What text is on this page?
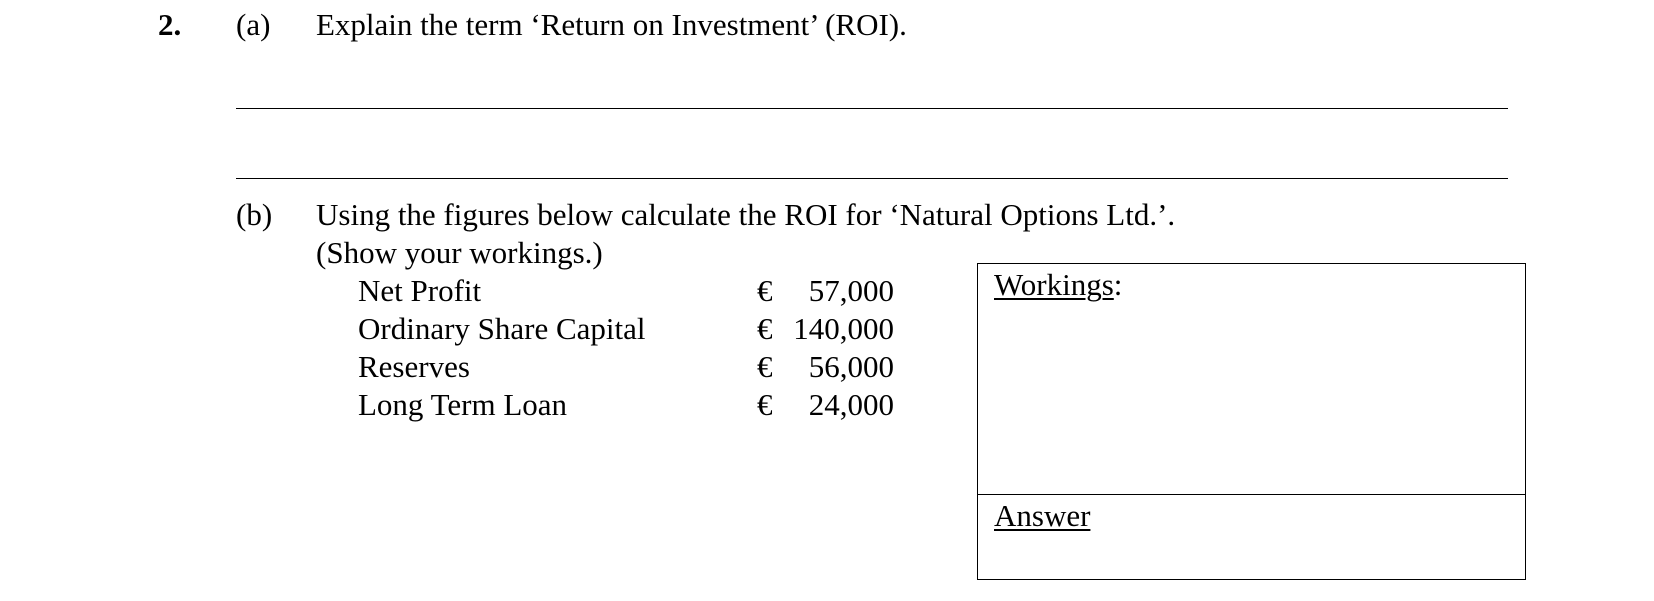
2. (a) Explain the term ‘Return on Investment’ (ROI).
(b) Using the figures below calculate the ROI for ‘Natural Options Ltd.’.
(Show your workings.)
Net Profit	€ 57,000
Ordinary Share Capital	€ 140,000
Reserves	€ 56,000
Long Term Loan	€ 24,000
Workings:
Answer
